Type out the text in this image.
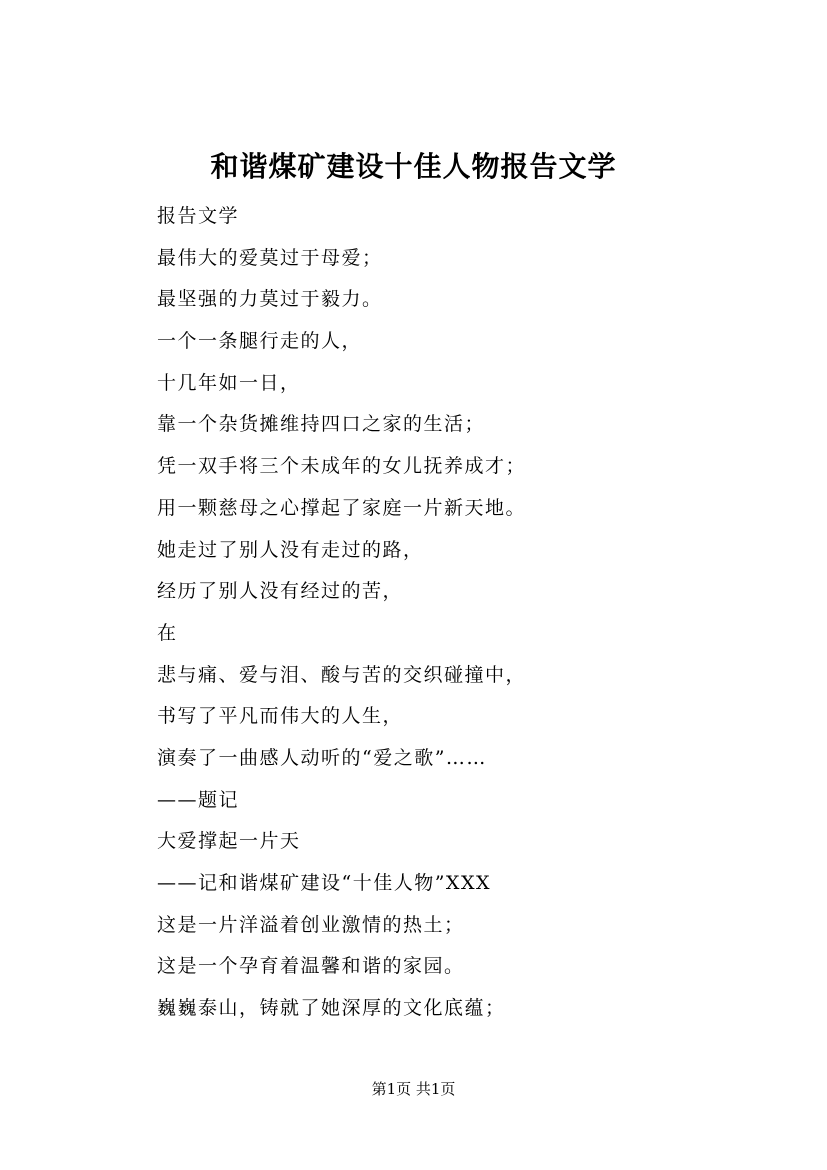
和谐煤矿建设十佳人物报告文学
报告文学
最伟大的爱莫过于母爱；
最坚强的力莫过于毅力。
一个一条腿行走的人，
十几年如一日，
靠一个杂货摊维持四口之家的生活；
凭一双手将三个未成年的女儿抚养成才；
用一颗慈母之心撑起了家庭一片新天地。
她走过了别人没有走过的路，
经历了别人没有经过的苦，
在
悲与痛、爱与泪、酸与苦的交织碰撞中，
书写了平凡而伟大的人生，
演奏了一曲感人动听的“爱之歌”……
——题记
大爱撑起一片天
——记和谐煤矿建设“十佳人物”XXX
这是一片洋溢着创业激情的热土；
这是一个孕育着温馨和谐的家园。
巍巍泰山，铸就了她深厚的文化底蕴；
第1页 共1页
